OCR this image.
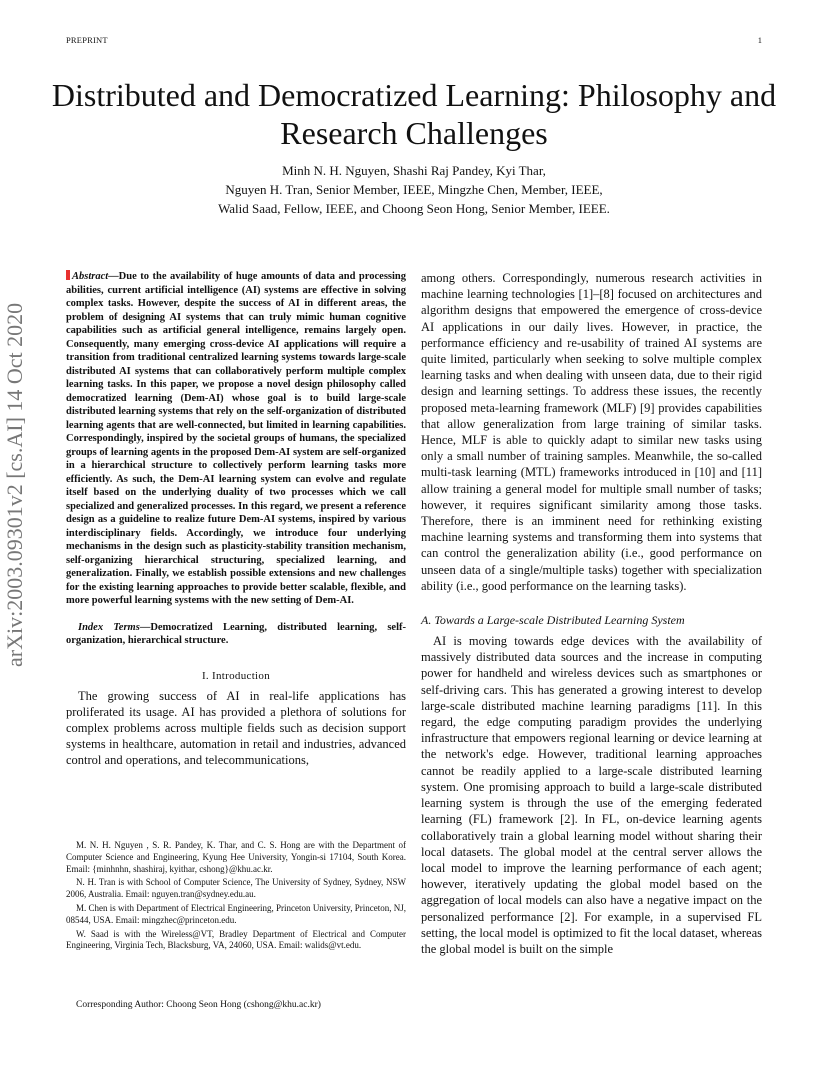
PREPRINT	1
Distributed and Democratized Learning: Philosophy and Research Challenges
Minh N. H. Nguyen, Shashi Raj Pandey, Kyi Thar,
Nguyen H. Tran, Senior Member, IEEE, Mingzhe Chen, Member, IEEE,
Walid Saad, Fellow, IEEE, and Choong Seon Hong, Senior Member, IEEE.
arXiv:2003.09301v2 [cs.AI] 14 Oct 2020
Abstract—Due to the availability of huge amounts of data and processing abilities, current artificial intelligence (AI) systems are effective in solving complex tasks. However, despite the success of AI in different areas, the problem of designing AI systems that can truly mimic human cognitive capabilities such as artificial general intelligence, remains largely open. Consequently, many emerging cross-device AI applications will require a transition from traditional centralized learning systems towards large-scale distributed AI systems that can collaboratively perform multiple complex learning tasks. In this paper, we propose a novel design philosophy called democratized learning (Dem-AI) whose goal is to build large-scale distributed learning systems that rely on the self-organization of distributed learning agents that are well-connected, but limited in learning capabilities. Correspondingly, inspired by the societal groups of humans, the specialized groups of learning agents in the proposed Dem-AI system are self-organized in a hierarchical structure to collectively perform learning tasks more efficiently. As such, the Dem-AI learning system can evolve and regulate itself based on the underlying duality of two processes which we call specialized and generalized processes. In this regard, we present a reference design as a guideline to realize future Dem-AI systems, inspired by various interdisciplinary fields. Accordingly, we introduce four underlying mechanisms in the design such as plasticity-stability transition mechanism, self-organizing hierarchical structuring, specialized learning, and generalization. Finally, we establish possible extensions and new challenges for the existing learning approaches to provide better scalable, flexible, and more powerful learning systems with the new setting of Dem-AI.
Index Terms—Democratized Learning, distributed learning, self-organization, hierarchical structure.
I. Introduction
The growing success of AI in real-life applications has proliferated its usage. AI has provided a plethora of solutions for complex problems across multiple fields such as decision support systems in healthcare, automation in retail and industries, advanced control and operations, and telecommunications,

M. N. H. Nguyen , S. R. Pandey, K. Thar, and C. S. Hong are with the Department of Computer Science and Engineering, Kyung Hee University, Yongin-si 17104, South Korea. Email: {minhnhn, shashiraj, kyithar, cshong}@khu.ac.kr.

N. H. Tran is with School of Computer Science, The University of Sydney, Sydney, NSW 2006, Australia. Email: nguyen.tran@sydney.edu.au.

M. Chen is with Department of Electrical Engineering, Princeton University, Princeton, NJ, 08544, USA. Email: mingzhec@princeton.edu.

W. Saad is with the Wireless@VT, Bradley Department of Electrical and Computer Engineering, Virginia Tech, Blacksburg, VA, 24060, USA. Email: walids@vt.edu.

Corresponding Author: Choong Seon Hong (cshong@khu.ac.kr)
among others. Correspondingly, numerous research activities in machine learning technologies [1]–[8] focused on architectures and algorithm designs that empowered the emergence of cross-device AI applications in our daily lives. However, in practice, the performance efficiency and re-usability of trained AI systems are quite limited, particularly when seeking to solve multiple complex learning tasks and when dealing with unseen data, due to their rigid design and learning settings. To address these issues, the recently proposed meta-learning framework (MLF) [9] provides capabilities that allow generalization from large training of similar tasks. Hence, MLF is able to quickly adapt to similar new tasks using only a small number of training samples. Meanwhile, the so-called multi-task learning (MTL) frameworks introduced in [10] and [11] allow training a general model for multiple small number of tasks; however, it requires significant similarity among those tasks. Therefore, there is an imminent need for rethinking existing machine learning systems and transforming them into systems that can control the generalization ability (i.e., good performance on unseen data of a single/multiple tasks) together with specialization ability (i.e., good performance on the learning tasks).
A. Towards a Large-scale Distributed Learning System
AI is moving towards edge devices with the availability of massively distributed data sources and the increase in computing power for handheld and wireless devices such as smartphones or self-driving cars. This has generated a growing interest to develop large-scale distributed machine learning paradigms [11]. In this regard, the edge computing paradigm provides the underlying infrastructure that empowers regional learning or device learning at the network's edge. However, traditional learning approaches cannot be readily applied to a large-scale distributed learning system. One promising approach to build a large-scale distributed learning system is through the use of the emerging federated learning (FL) framework [2]. In FL, on-device learning agents collaboratively train a global learning model without sharing their local datasets. The global model at the central server allows the local model to improve the learning performance of each agent; however, iteratively updating the global model based on the aggregation of local models can also have a negative impact on the personalized performance [2]. For example, in a supervised FL setting, the local model is optimized to fit the local dataset, whereas the global model is built on the simple
